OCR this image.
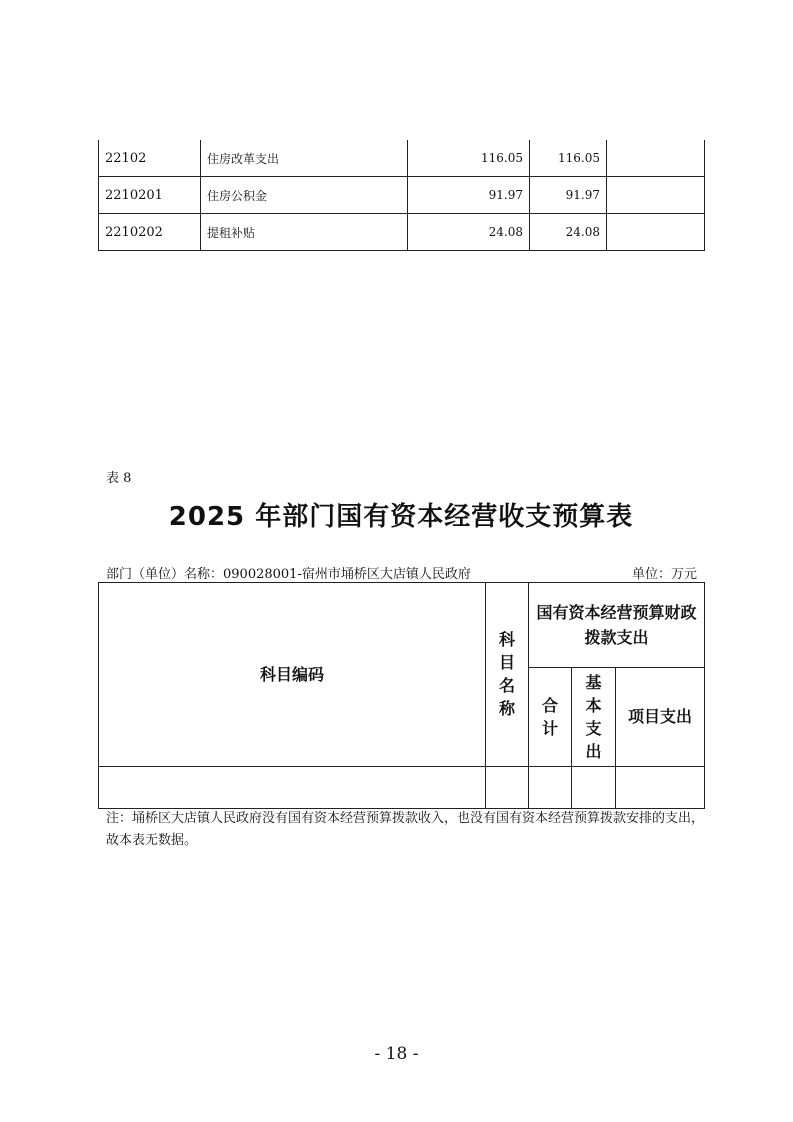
22102	住房改革支出	116.05	116.05	
2210201	住房公积金	91.97	91.97	
2210202	提租补贴	24.08	24.08	
表 8
2025 年部门国有资本经营收支预算表
部门（单位）名称：090028001-宿州市埇桥区大店镇人民政府	单位：万元
科目编码	科目名称	国有资本经营预算财政拨款支出		
		合计	基本支出	项目支出

注：埇桥区大店镇人民政府没有国有资本经营预算拨款收入，也没有国有资本经营预算拨款安排的支出，故本表无数据。
- 18 -
